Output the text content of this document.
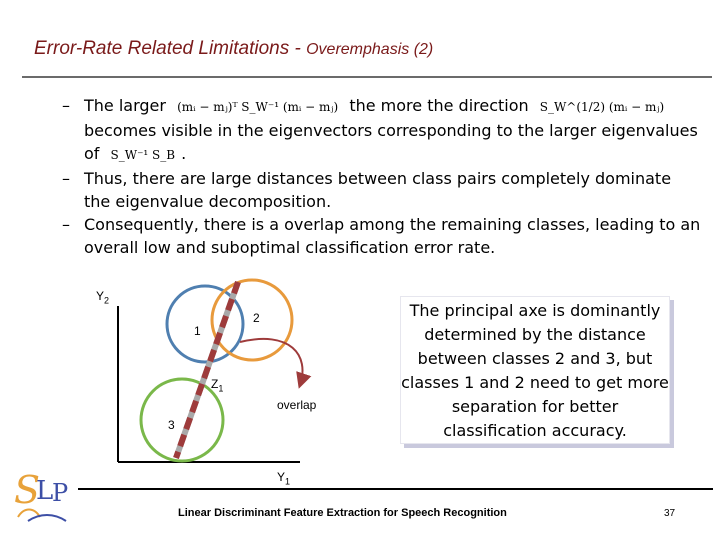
Error-Rate Related Limitations - Overemphasis (2)
– The larger (mᵢ − mⱼ)ᵀ S_W⁻¹ (mᵢ − mⱼ) the more the direction S_W^(1/2) (mᵢ − mⱼ) becomes visible in the eigenvectors corresponding to the larger eigenvalues of S_W⁻¹ S_B .
– Thus, there are large distances between class pairs completely dominate the eigenvalue decomposition.
– Consequently, there is a overlap among the remaining classes, leading to an overall low and suboptimal classification error rate.
$Y_2$
$Y_1$
$Z_1$
1
2
3
overlap
The principal axe is dominantly determined by the distance between classes 2 and 3, but classes 1 and 2 need to get more separation for better classification accuracy.
S
L
P
Linear Discriminant Feature Extraction for Speech Recognition	37
